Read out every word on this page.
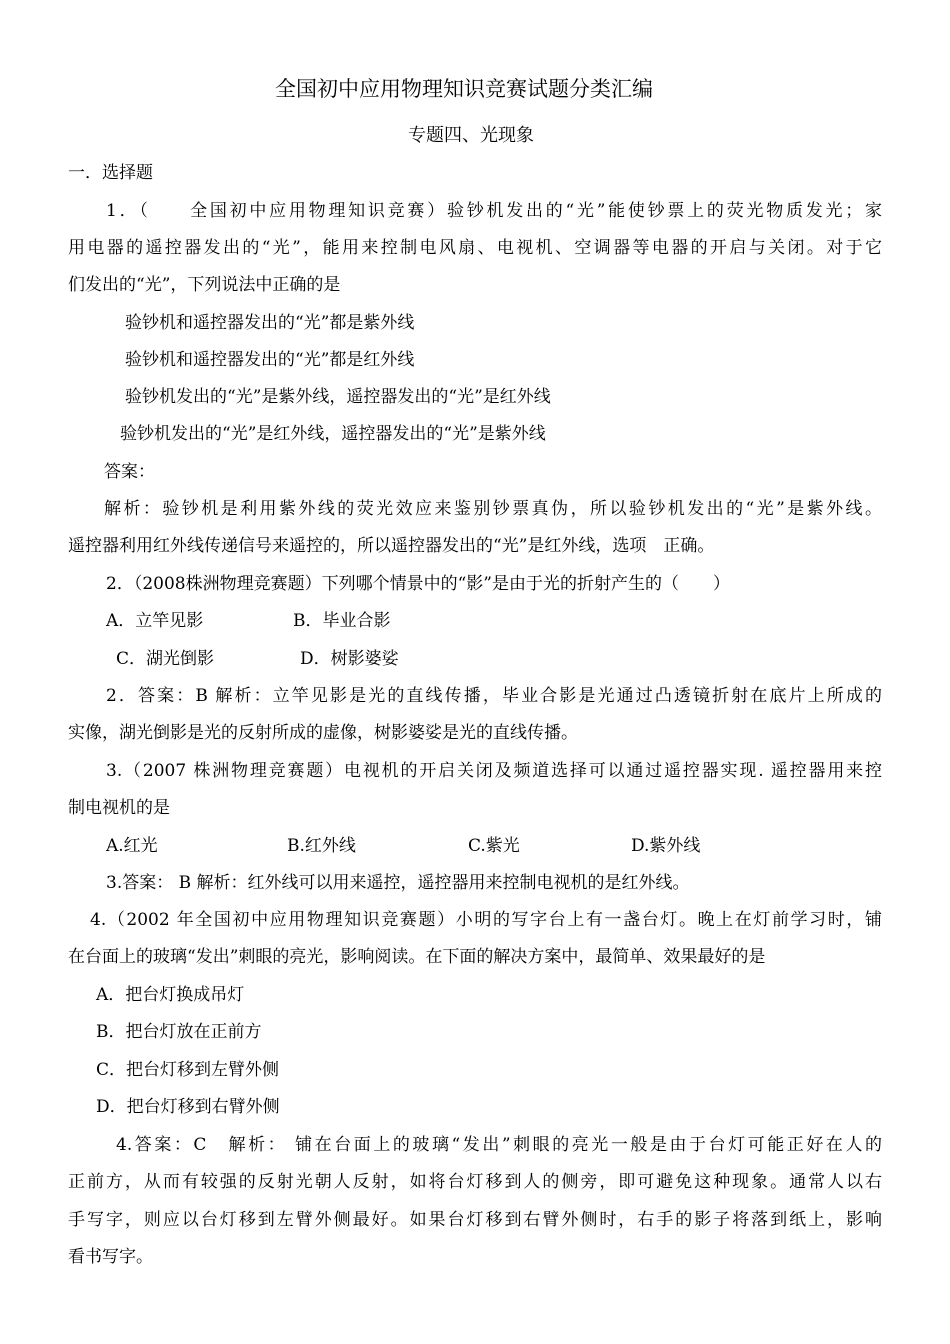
全国初中应用物理知识竞赛试题分类汇编
专题四、光现象
一．选择题
1．（　　全国初中应用物理知识竞赛）验钞机发出的“光”能使钞票上的荧光物质发光；家
用电器的遥控器发出的“光”，能用来控制电风扇、电视机、空调器等电器的开启与关闭。对于它
们发出的“光”，下列说法中正确的是
验钞机和遥控器发出的“光”都是紫外线
验钞机和遥控器发出的“光”都是红外线
验钞机发出的“光”是紫外线，遥控器发出的“光”是红外线
验钞机发出的“光”是红外线，遥控器发出的“光”是紫外线
答案：
解析：验钞机是利用紫外线的荧光效应来鉴别钞票真伪，所以验钞机发出的“光”是紫外线。
遥控器利用红外线传递信号来遥控的，所以遥控器发出的“光”是红外线，选项　正确。
2．（2008株洲物理竞赛题）下列哪个情景中的“影”是由于光的折射产生的（　　）
A．立竿见影	B．毕业合影
C．湖光倒影	D．树影婆娑
2．答案：B 解析：立竿见影是光的直线传播，毕业合影是光通过凸透镜折射在底片上所成的
实像，湖光倒影是光的反射所成的虚像，树影婆娑是光的直线传播。
3.（2007 株洲物理竞赛题）电视机的开启关闭及频道选择可以通过遥控器实现. 遥控器用来控
制电视机的是
A.红光	B.红外线	C.紫光	D.紫外线
3.答案： B 解析：红外线可以用来遥控，遥控器用来控制电视机的是红外线。
4.（2002 年全国初中应用物理知识竞赛题）小明的写字台上有一盏台灯。晚上在灯前学习时，铺
在台面上的玻璃“发出”刺眼的亮光，影响阅读。在下面的解决方案中，最简单、效果最好的是
A．把台灯换成吊灯
B．把台灯放在正前方
C．把台灯移到左臂外侧
D．把台灯移到右臂外侧
4.答案：C　解析： 铺在台面上的玻璃“发出”刺眼的亮光一般是由于台灯可能正好在人的
正前方，从而有较强的反射光朝人反射，如将台灯移到人的侧旁，即可避免这种现象。通常人以右
手写字，则应以台灯移到左臂外侧最好。如果台灯移到右臂外侧时，右手的影子将落到纸上，影响
看书写字。
